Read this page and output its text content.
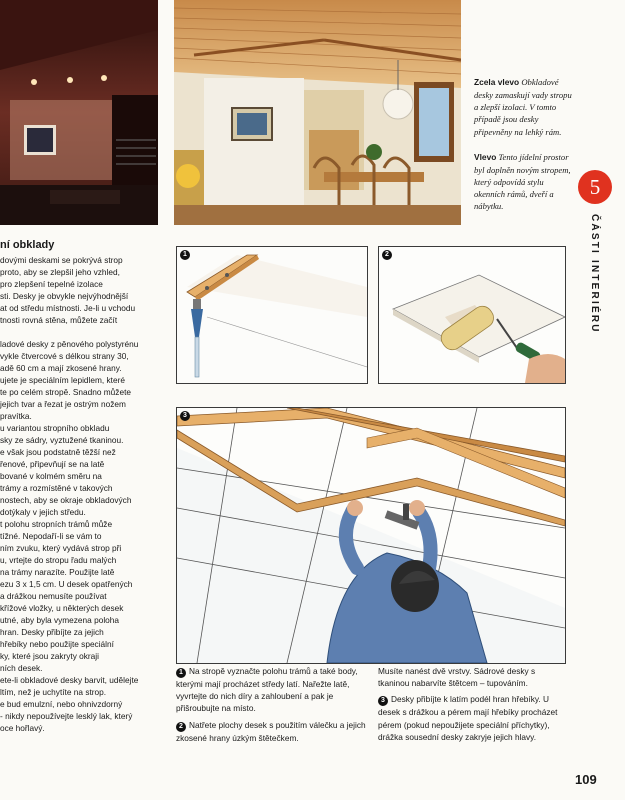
Zcela vlevo Obkladové desky zamaskují vady stropu a zlepší izolaci. V tomto případě jsou desky připevněny na lehký rám.

Vlevo Tento jídelní prostor byl doplněn novým stropem, který odpovídá stylu okenních rámů, dveří a nábytku.

5
ČÁSTI INTERIÉRU
ní obklady
dovými deskami se pokrývá strop
proto, aby se zlepšil jeho vzhled,
pro zlepšení tepelné izolace
sti. Desky je obvykle nejvýhodnější
at od středu místnosti. Je-li u vchodu
tnosti rovná stěna, můžete začít
ladové desky z pěnového polystyrénu
vykle čtvercové s délkou strany 30,
adě 60 cm a mají zkosené hrany.
ujete je speciálním lepidlem, které
te po celém stropě. Snadno můžete
jejich tvar a řezat je ostrým nožem
pravítka.
u variantou stropního obkladu
sky ze sádry, vyztužené tkaninou.
e však jsou podstatně těžší než
řenové, připevňují se na latě
bované v kolmém směru na
trámy a rozmístěné v takových
nostech, aby se okraje obkladových
dotýkaly v jejich středu.
t polohu stropních trámů může
tížné. Nepodaří-li se vám to
ním zvuku, který vydává strop při
u, vrtejte do stropu řadu malých
na trámy narazíte. Použijte latě
ezu 3 x 1,5 cm. U desek opatřených
a drážkou nemusíte používat
křížové vložky, u některých desek
utné, aby byla vymezena poloha
hran. Desky přibíjte za jejich
hřebíky nebo použijte speciální
ky, které jsou zakryty okraji
ních desek.
ete-li obkladové desky barvit, udělejte
ltím, než je uchytíte na strop.
e bud emulzní, nebo ohnivzdorný
- nikdy nepoužívejte lesklý lak, který
oce hořlavý.
1	2
3

1 Na stropě vyznačte polohu trámů a také body, kterými mají procházet středy latí. Nařežte latě, vyvrtejte do nich díry a zahloubení a pak je přišroubujte na místo.

2 Natřete plochy desek s použitím válečku a jejich zkosené hrany úzkým štětečkem.

Musíte nanést dvě vrstvy. Sádrové desky s tkaninou nabarvíte štětcem – tupováním.

3 Desky přibíjte k latím podél hran hřebíky. U desek s drážkou a pérem mají hřebíky procházet pérem (pokud nepoužijete speciální příchytky), drážka sousední desky zakryje jejich hlavy.

109
